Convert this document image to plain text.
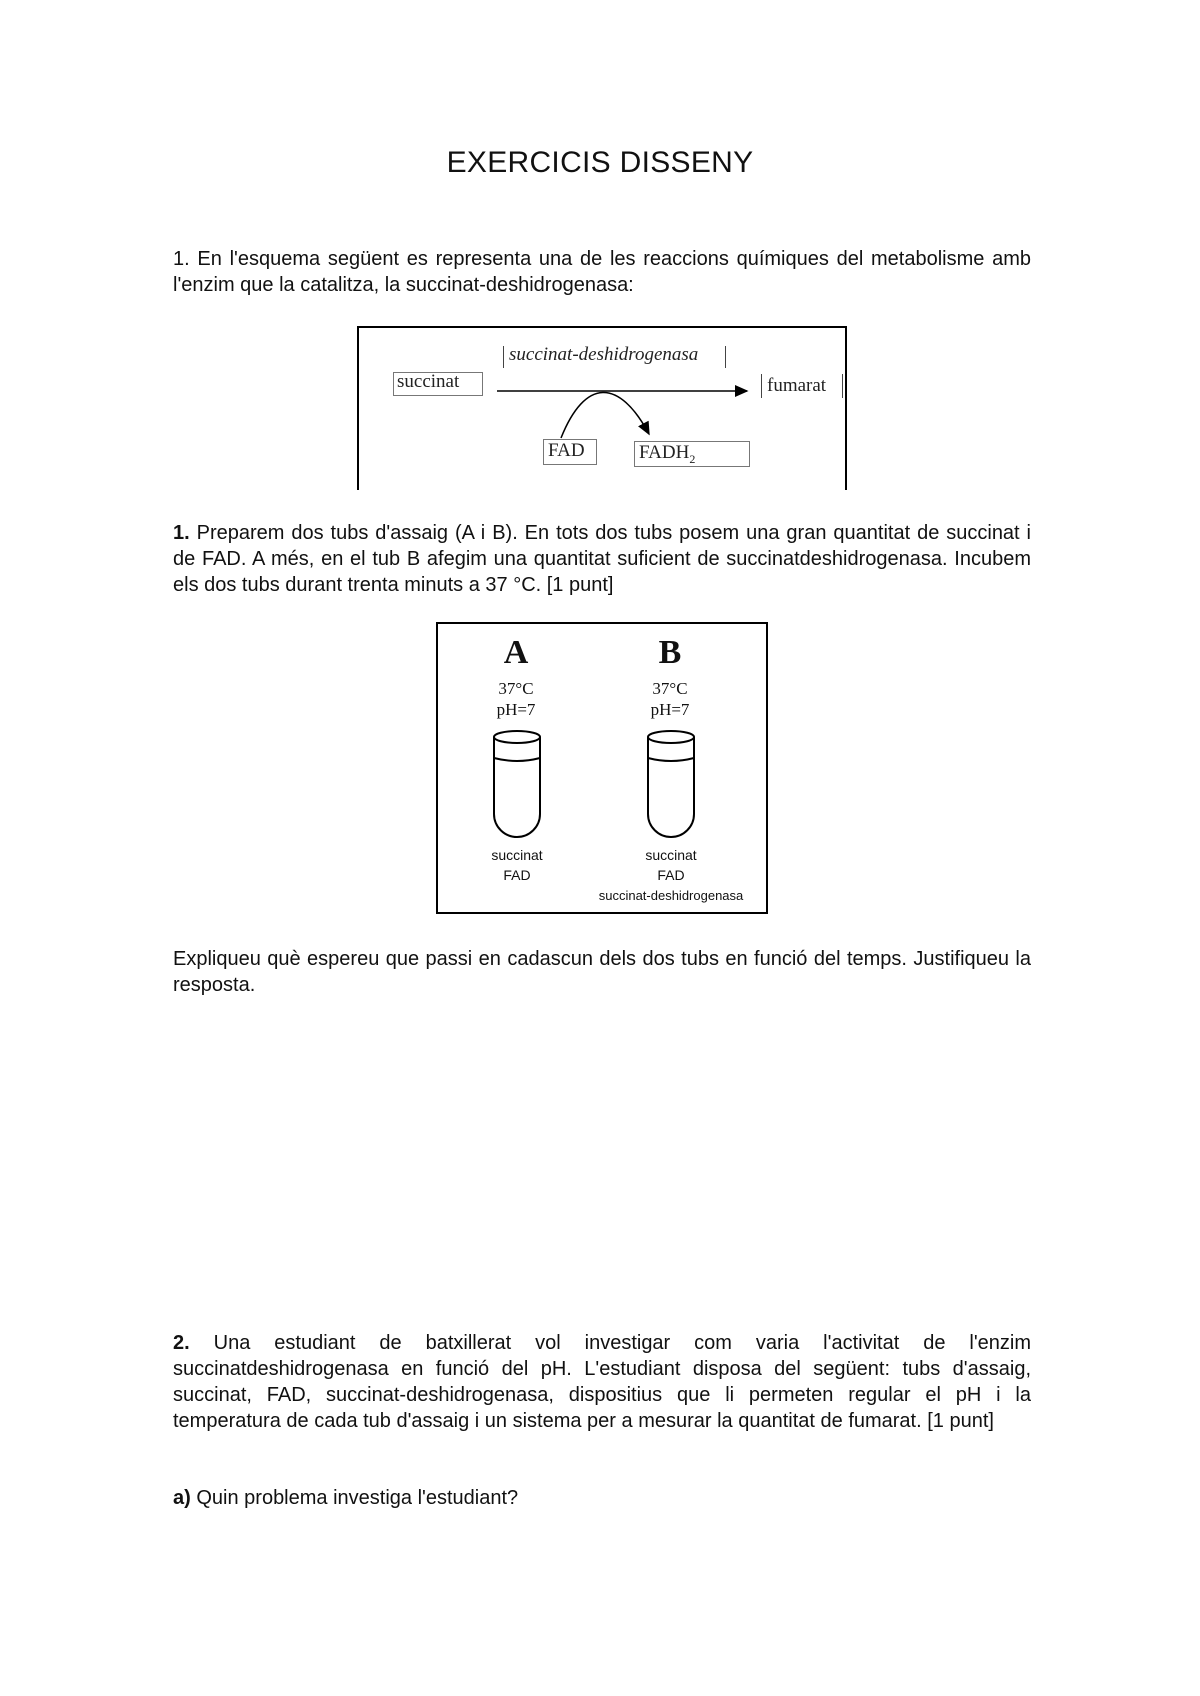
EXERCICIS DISSENY

1. En l'esquema següent es representa una de les reaccions químiques del metabolisme amb l'enzim que la catalitza, la succinat-deshidrogenasa:

succinat-deshidrogenasa
succinat	fumarat
FAD	$FADH_2$

1. Preparem dos tubs d'assaig (A i B). En tots dos tubs posem una gran quantitat de succinat i de FAD. A més, en el tub B afegim una quantitat suficient de succinatdeshidrogenasa. Incubem els dos tubs durant trenta minuts a 37 °C. [1 punt]

A
37°C
pH=7
succinat
FAD
B
37°C
pH=7
succinat
FAD
succinat-deshidrogenasa

Expliqueu què espereu que passi en cadascun dels dos tubs en funció del temps. Justifiqueu la resposta.

2. Una estudiant de batxillerat vol investigar com varia l'activitat de l'enzim succinatdeshidrogenasa en funció del pH. L'estudiant disposa del següent: tubs d'assaig, succinat, FAD, succinat-deshidrogenasa, dispositius que li permeten regular el pH i la temperatura de cada tub d'assaig i un sistema per a mesurar la quantitat de fumarat. [1 punt]

a) Quin problema investiga l'estudiant?
